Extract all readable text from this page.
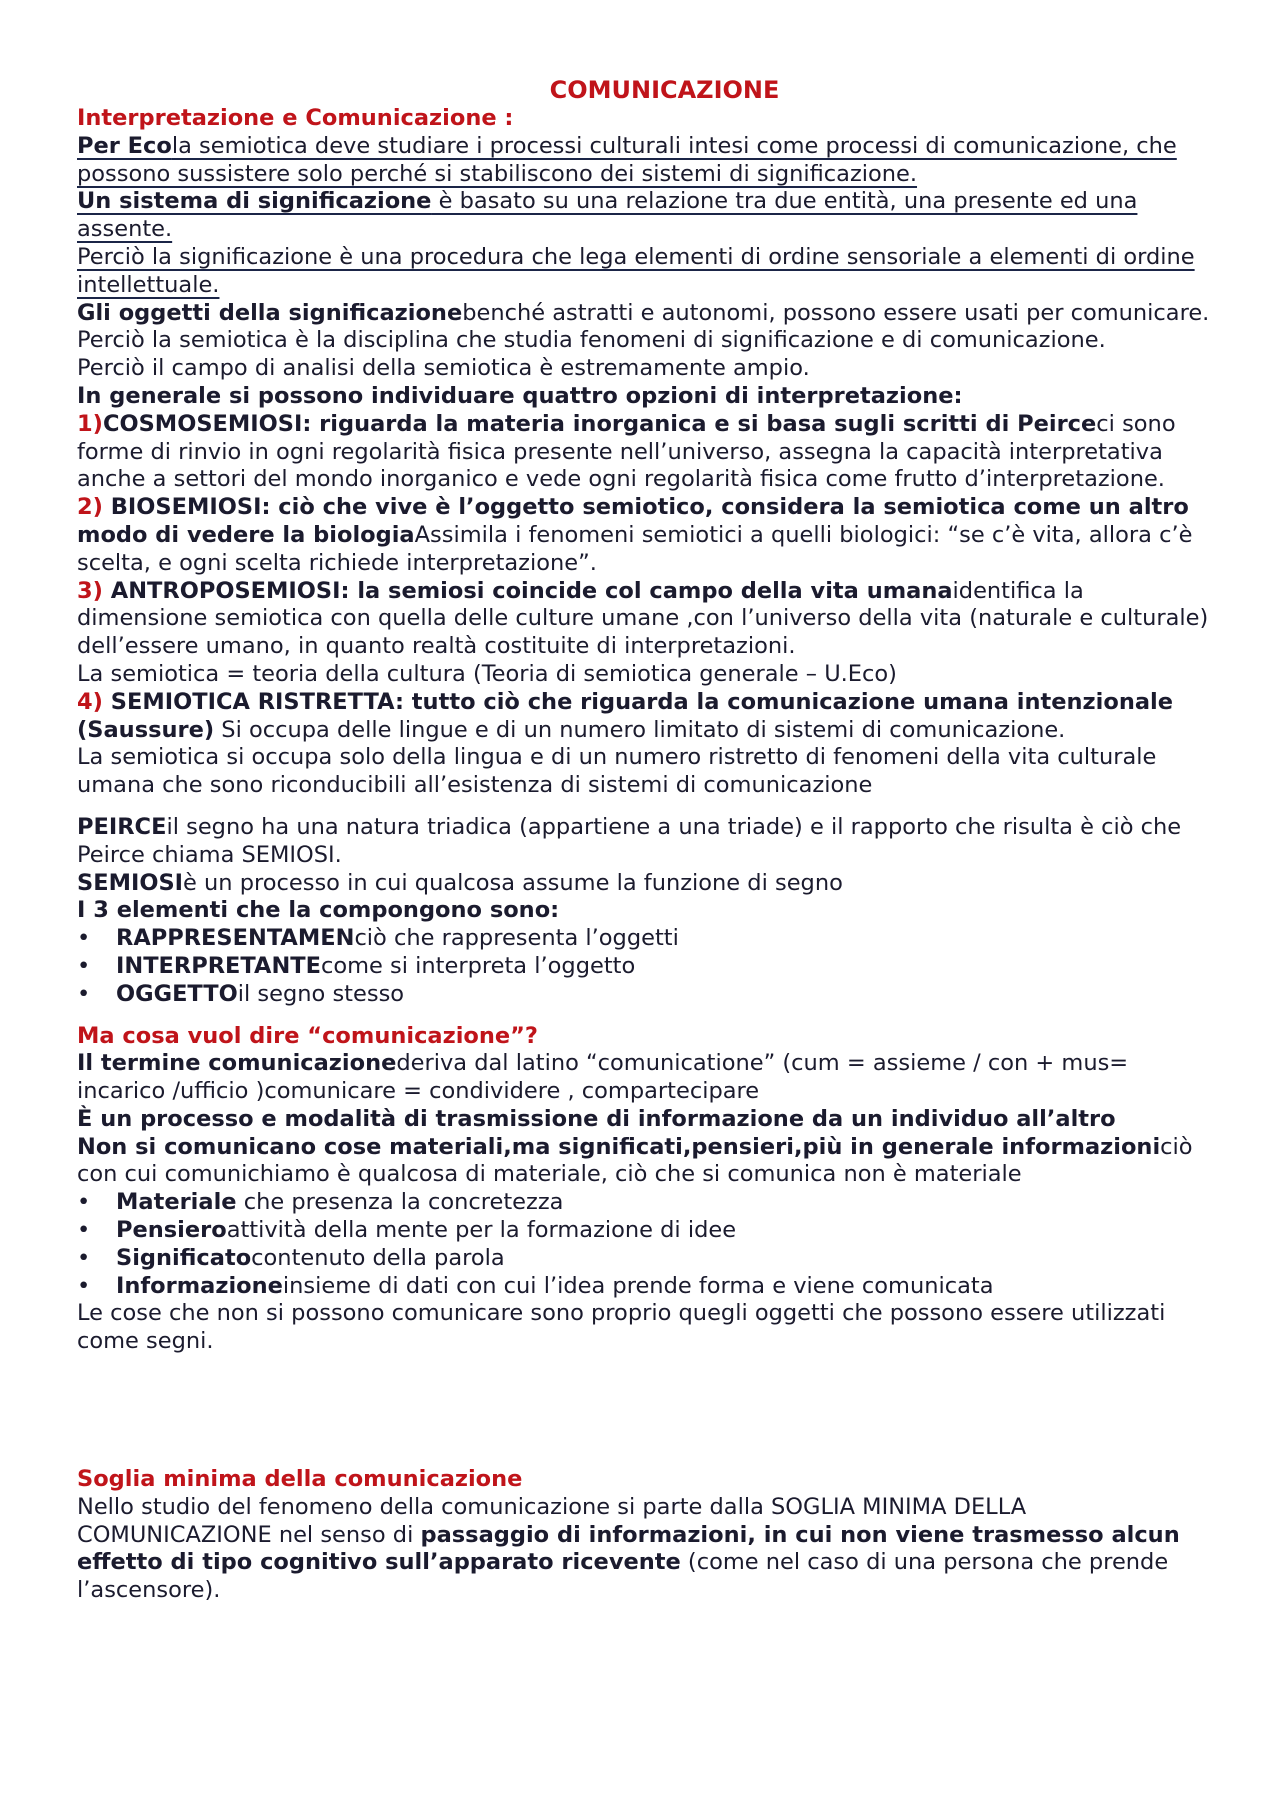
COMUNICAZIONE

Interpretazione e Comunicazione :

Per Ecola semiotica deve studiare i processi culturali intesi come processi di comunicazione, che possono sussistere solo perché si stabiliscono dei sistemi di significazione.

Un sistema di significazione è basato su una relazione tra due entità, una presente ed una assente.

Perciò la significazione è una procedura che lega elementi di ordine sensoriale a elementi di ordine intellettuale.

Gli oggetti della significazionebenché astratti e autonomi, possono essere usati per comunicare. Perciò la semiotica è la disciplina che studia fenomeni di significazione e di comunicazione.

Perciò il campo di analisi della semiotica è estremamente ampio.

In generale si possono individuare quattro opzioni di interpretazione:

1)COSMOSEMIOSI: riguarda la materia inorganica e si basa sugli scritti di Peirceci sono forme di rinvio in ogni regolarità fisica presente nell’universo, assegna la capacità interpretativa anche a settori del mondo inorganico e vede ogni regolarità fisica come frutto d’interpretazione.

2) BIOSEMIOSI: ciò che vive è l’oggetto semiotico, considera la semiotica come un altro modo di vedere la biologiaAssimila i fenomeni semiotici a quelli biologici: “se c’è vita, allora c’è scelta, e ogni scelta richiede interpretazione”.

3) ANTROPOSEMIOSI: la semiosi coincide col campo della vita umanaidentifica la dimensione semiotica con quella delle culture umane ,con l’universo della vita (naturale e culturale) dell’essere umano, in quanto realtà costituite di interpretazioni.

La semiotica = teoria della cultura (Teoria di semiotica generale – U.Eco)

4) SEMIOTICA RISTRETTA: tutto ciò che riguarda la comunicazione umana intenzionale (Saussure) Si occupa delle lingue e di un numero limitato di sistemi di comunicazione.

La semiotica si occupa solo della lingua e di un numero ristretto di fenomeni della vita culturale umana che sono riconducibili all’esistenza di sistemi di comunicazione

PEIRCEil segno ha una natura triadica (appartiene a una triade) e il rapporto che risulta è ciò che Peirce chiama SEMIOSI.

SEMIOSIè un processo in cui qualcosa assume la funzione di segno

I 3 elementi che la compongono sono:

• RAPPRESENTAMENciò che rappresenta l’oggetti
• INTERPRETANTEcome si interpreta l’oggetto
• OGGETTOil segno stesso

Ma cosa vuol dire “comunicazione”?

Il termine comunicazionederiva dal latino “comunicatione” (cum = assieme / con + mus= incarico /ufficio )comunicare = condividere , compartecipare

È un processo e modalità di trasmissione di informazione da un individuo all’altro

Non si comunicano cose materiali,ma significati,pensieri,più in generale informazioniciò con cui comunichiamo è qualcosa di materiale, ciò che si comunica non è materiale

• Materiale che presenza la concretezza
• Pensieroattività della mente per la formazione di idee
• Significatocontenuto della parola
• Informazioneinsieme di dati con cui l’idea prende forma e viene comunicata

Le cose che non si possono comunicare sono proprio quegli oggetti che possono essere utilizzati come segni.

Soglia minima della comunicazione

Nello studio del fenomeno della comunicazione si parte dalla SOGLIA MINIMA DELLA COMUNICAZIONE nel senso di passaggio di informazioni, in cui non viene trasmesso alcun effetto di tipo cognitivo sull’apparato ricevente (come nel caso di una persona che prende l’ascensore).
